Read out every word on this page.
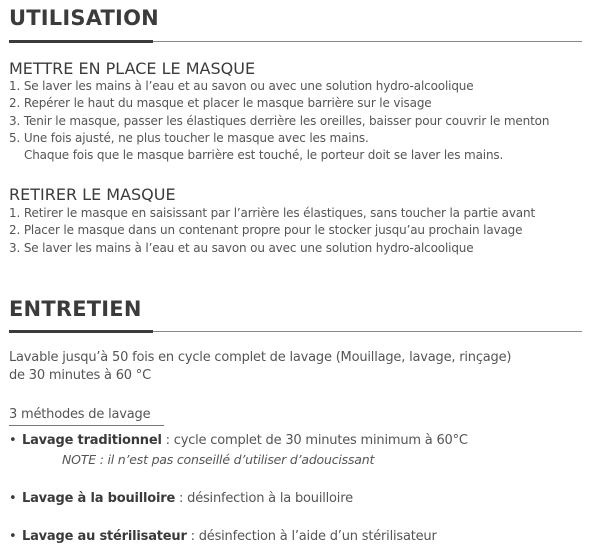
UTILISATION
METTRE EN PLACE LE MASQUE
1. Se laver les mains à l’eau et au savon ou avec une solution hydro-alcoolique
2. Repérer le haut du masque et placer le masque barrière sur le visage
3. Tenir le masque, passer les élastiques derrière les oreilles, baisser pour couvrir le menton
5. Une fois ajusté, ne plus toucher le masque avec les mains.
Chaque fois que le masque barrière est touché, le porteur doit se laver les mains.
RETIRER LE MASQUE
1. Retirer le masque en saisissant par l’arrière les élastiques, sans toucher la partie avant
2. Placer le masque dans un contenant propre pour le stocker jusqu’au prochain lavage
3. Se laver les mains à l’eau et au savon ou avec une solution hydro-alcoolique
ENTRETIEN

Lavable jusqu’à 50 fois en cycle complet de lavage (Mouillage, lavage, rinçage)

de 30 minutes à 60 °C

3 méthodes de lavage
• Lavage traditionnel : cycle complet de 30 minutes minimum à 60°C
NOTE : il n’est pas conseillé d’utiliser d’adoucissant
• Lavage à la bouilloire : désinfection à la bouilloire
• Lavage au stérilisateur : désinfection à l’aide d’un stérilisateur
